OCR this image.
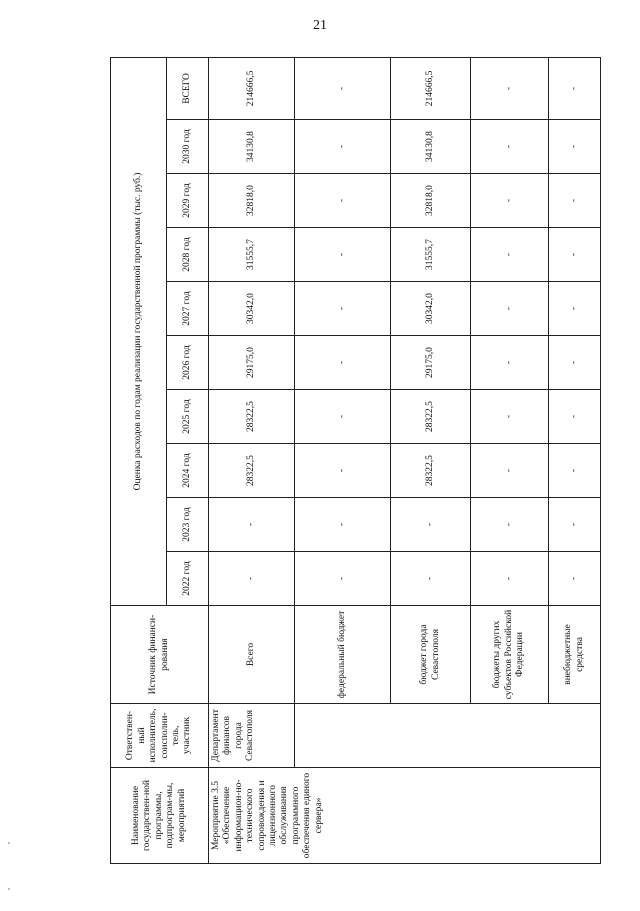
21
Наименование государствен-ной программы, подпрограм-мы, мероприятий	Ответствен-ный исполнитель, соисполни-тель, участник	Источник финанси-рования	Оценка расходов по годам реализации государственной программы (тыс. руб.)									
			2022 год	2023 год	2024 год	2025 год	2026 год	2027 год	2028 год	2029 год	2030 год	ВСЕГО
Мероприятие 3.5 «Обеспечение информацион-но-технического сопровождения и лицензионного обслуживания программного обеспечения единого сервера»	Департамент финансов города Севастополя	Всего	-	-	28322,5	28322,5	29175,0	30342,0	31555,7	32818,0	34130,8	214666,5
		федеральный бюджет	-	-	-	-	-	-	-	-	-	-
		бюджет города Севастополя	-	-	28322,5	28322,5	29175,0	30342,0	31555,7	32818,0	34130,8	214666,5
		бюджеты других субъектов Российской Федерации	-	-	-	-	-	-	-	-	-	-
		внебюджетные средства	-	-	-	-	-	-	-	-	-	-
